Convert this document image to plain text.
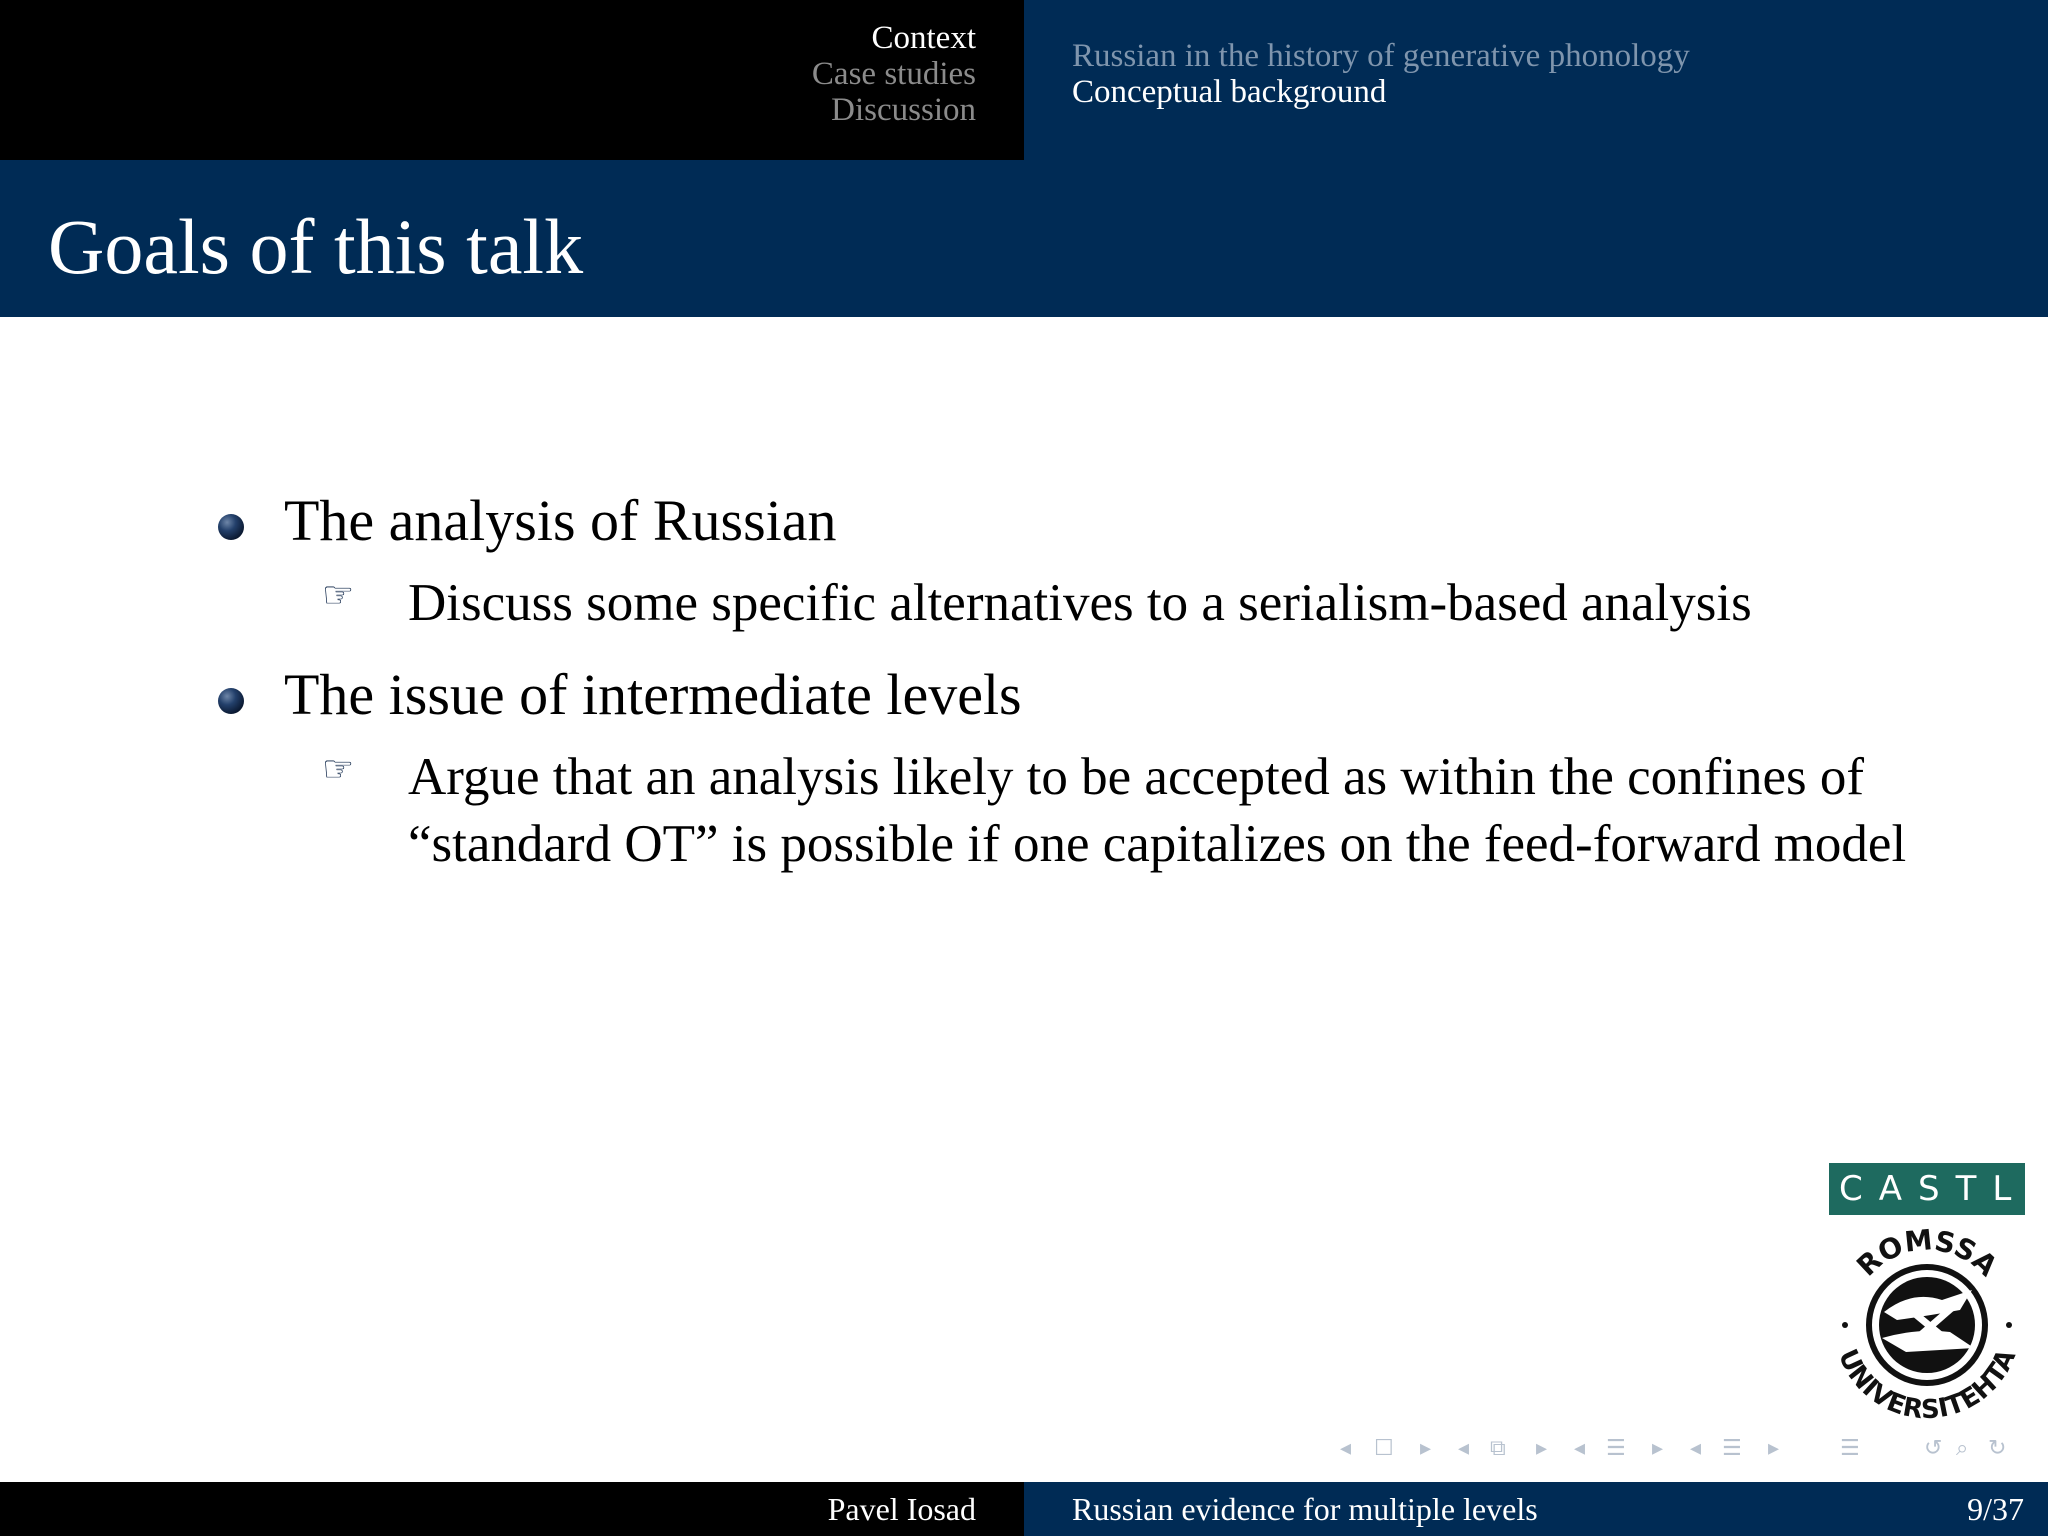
Context
Case studies
Discussion
Russian in the history of generative phonology
Conceptual background
Goals of this talk
The analysis of Russian
☞	Discuss some specific alternatives to a serialism-based analysis
The issue of intermediate levels
☞	Argue that an analysis likely to be accepted as within the confines of “standard OT” is possible if one capitalizes on the feed-forward model
CASTL
ROMSSA
UNIVERSITEHTA
◂ ☐ ▸ ◂ ⧉ ▸ ◂ ☰ ▸ ◂ ☰ ▸	☰	↺ ⌕ ↻
Pavel Iosad	Russian evidence for multiple levels	9/37
